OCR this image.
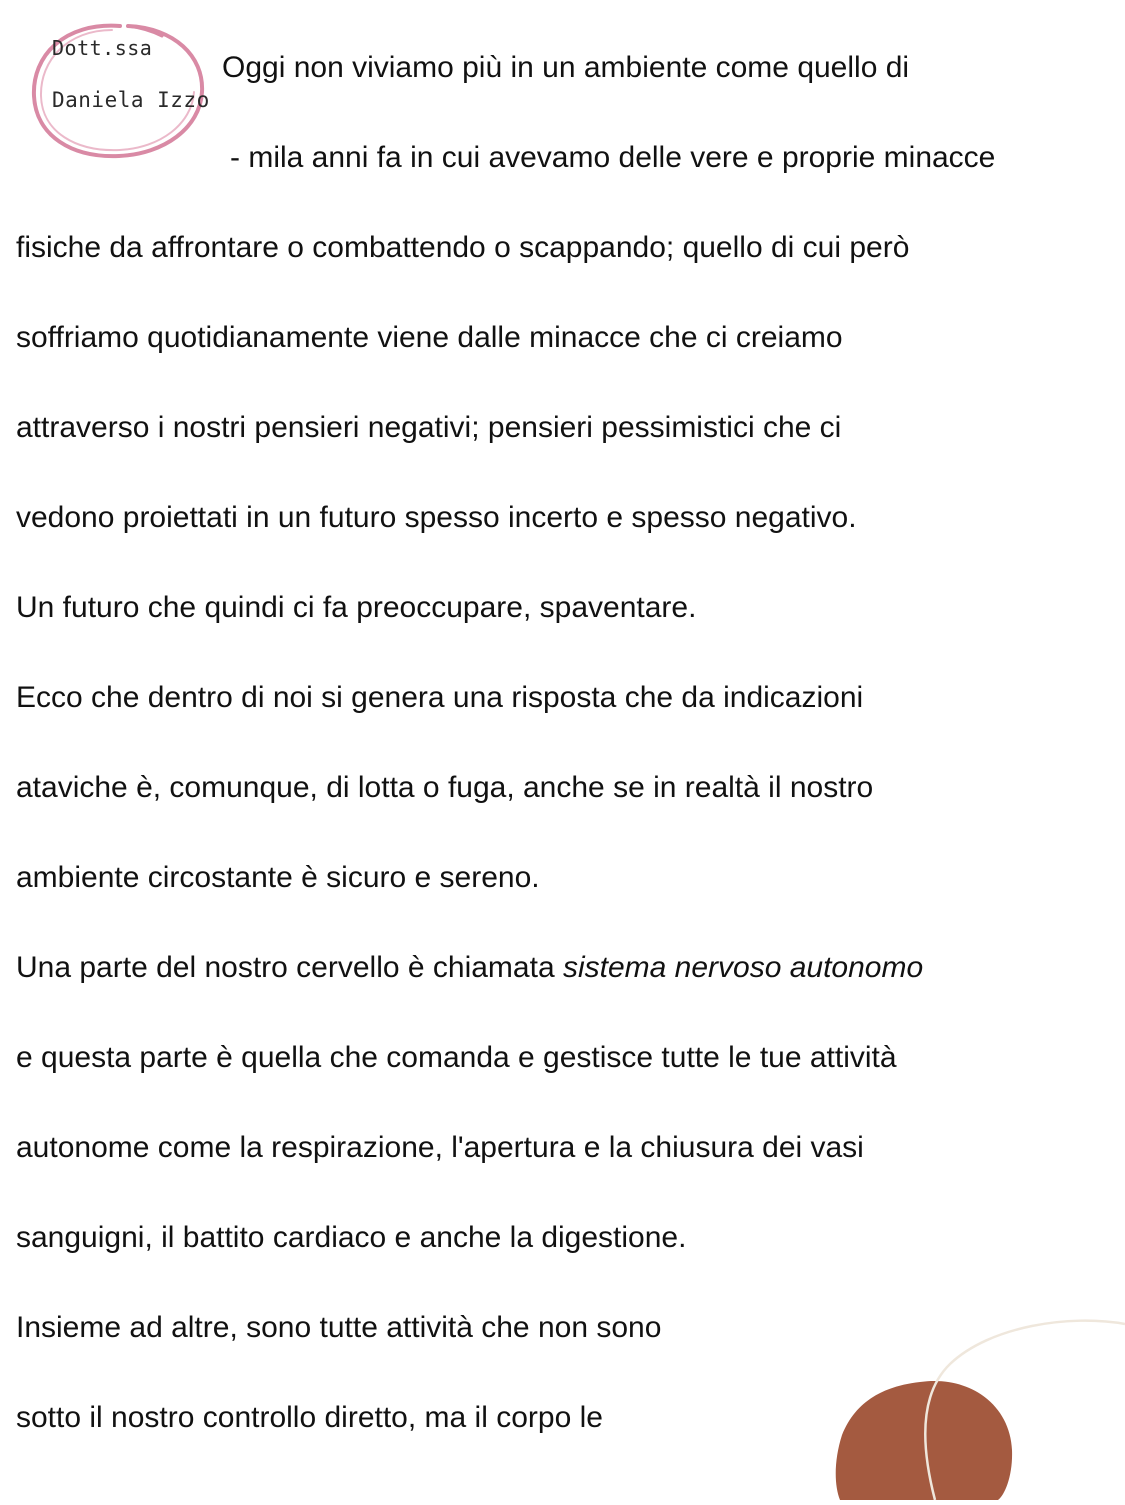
Dott.ssa
Daniela Izzo
Oggi non viviamo più in un ambiente come quello di
- mila anni fa in cui avevamo delle vere e proprie minacce
fisiche da affrontare o combattendo o scappando; quello di cui però
soffriamo quotidianamente viene dalle minacce che ci creiamo
attraverso i nostri pensieri negativi; pensieri pessimistici che ci
vedono proiettati in un futuro spesso incerto e spesso negativo.
Un futuro che quindi ci fa preoccupare, spaventare.
Ecco che dentro di noi si genera una risposta che da indicazioni
ataviche è, comunque, di lotta o fuga, anche se in realtà il nostro
ambiente circostante è sicuro e sereno.
Una parte del nostro cervello è chiamata sistema nervoso autonomo
e questa parte è quella che comanda e gestisce tutte le tue attività
autonome come la respirazione, l'apertura e la chiusura dei vasi
sanguigni, il battito cardiaco e anche la digestione.
Insieme ad altre, sono tutte attività che non sono
sotto il nostro controllo diretto, ma il corpo le
